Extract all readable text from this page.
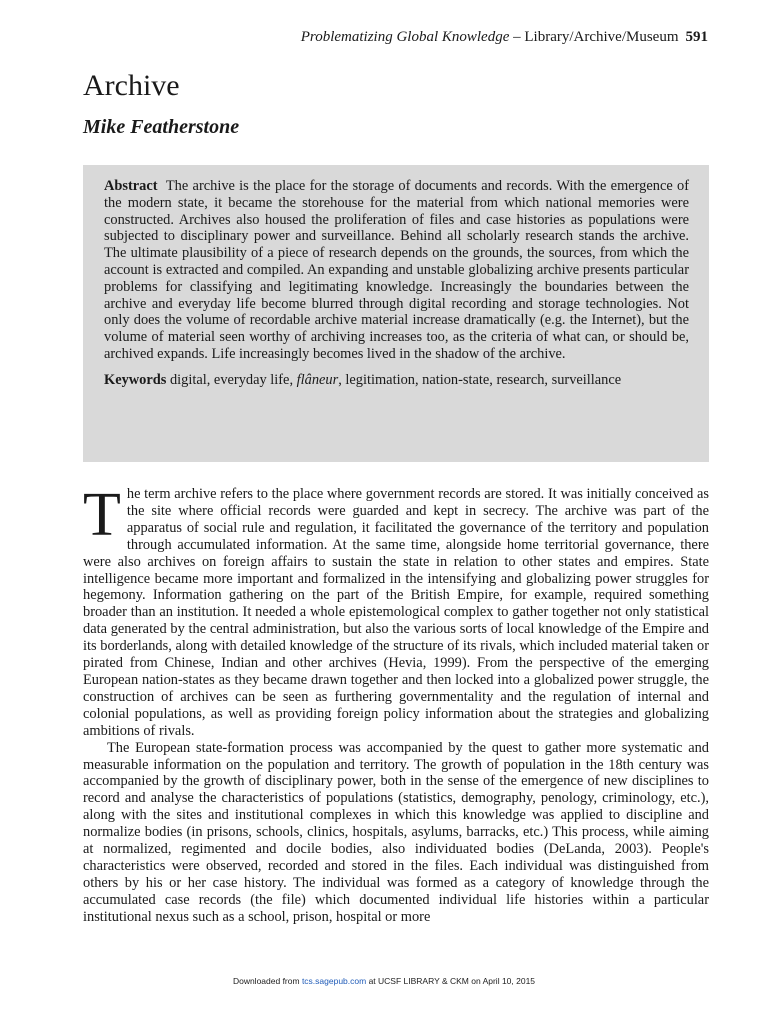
Problematizing Global Knowledge – Library/Archive/Museum 591
Archive
Mike Featherstone

Abstract The archive is the place for the storage of documents and records. With the emergence of the modern state, it became the storehouse for the material from which national memories were constructed. Archives also housed the proliferation of files and case histories as populations were subjected to disciplinary power and surveillance. Behind all scholarly research stands the archive. The ultimate plausibility of a piece of research depends on the grounds, the sources, from which the account is extracted and compiled. An expanding and unstable globalizing archive presents particular problems for classifying and legitimating knowledge. Increasingly the boundaries between the archive and everyday life become blurred through digital recording and storage technologies. Not only does the volume of recordable archive material increase dramatically (e.g. the Internet), but the volume of material seen worthy of archiving increases too, as the criteria of what can, or should be, archived expands. Life increasingly becomes lived in the shadow of the archive.

Keywords digital, everyday life, flâneur, legitimation, nation-state, research, surveillance

The term archive refers to the place where government records are stored. It was initially conceived as the site where official records were guarded and kept in secrecy. The archive was part of the apparatus of social rule and regulation, it facilitated the governance of the territory and population through accumulated information. At the same time, alongside home territorial governance, there were also archives on foreign affairs to sustain the state in relation to other states and empires. State intelligence became more important and formalized in the intensifying and globalizing power struggles for hegemony. Information gathering on the part of the British Empire, for example, required something broader than an institution. It needed a whole epistemological complex to gather together not only statistical data generated by the central administration, but also the various sorts of local knowledge of the Empire and its borderlands, along with detailed knowledge of the structure of its rivals, which included material taken or pirated from Chinese, Indian and other archives (Hevia, 1999). From the perspective of the emerging European nation-states as they became drawn together and then locked into a globalized power struggle, the construction of archives can be seen as furthering governmentality and the regulation of internal and colonial populations, as well as providing foreign policy information about the strategies and globalizing ambitions of rivals.

The European state-formation process was accompanied by the quest to gather more systematic and measurable information on the population and territory. The growth of population in the 18th century was accompanied by the growth of disciplinary power, both in the sense of the emergence of new disciplines to record and analyse the characteristics of populations (statistics, demography, penology, criminology, etc.), along with the sites and institutional complexes in which this knowledge was applied to discipline and normalize bodies (in prisons, schools, clinics, hospitals, asylums, barracks, etc.) This process, while aiming at normalized, regimented and docile bodies, also individuated bodies (DeLanda, 2003). People's characteristics were observed, recorded and stored in the files. Each individual was distinguished from others by his or her case history. The individual was formed as a category of knowledge through the accumulated case records (the file) which documented individual life histories within a particular institutional nexus such as a school, prison, hospital or more

Downloaded from tcs.sagepub.com at UCSF LIBRARY & CKM on April 10, 2015
